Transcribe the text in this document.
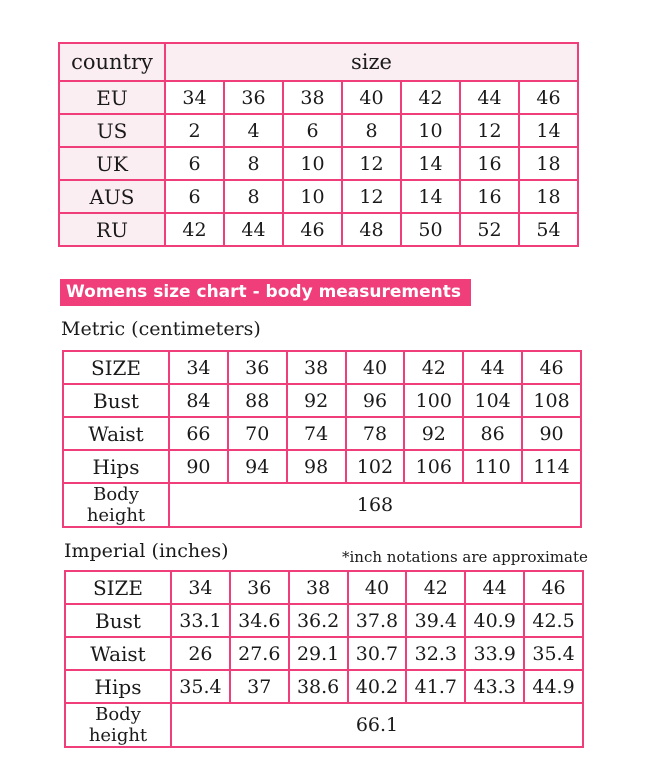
country	size						
EU	34	36	38	40	42	44	46
US	2	4	6	8	10	12	14
UK	6	8	10	12	14	16	18
AUS	6	8	10	12	14	16	18
RU	42	44	46	48	50	52	54
Womens size chart - body measurements
Metric (centimeters)
SIZE	34	36	38	40	42	44	46
Bust	84	88	92	96	100	104	108
Waist	66	70	74	78	92	86	90
Hips	90	94	98	102	106	110	114
Body height	168						
Imperial (inches)	*inch notations are approximate
SIZE	34	36	38	40	42	44	46
Bust	33.1	34.6	36.2	37.8	39.4	40.9	42.5
Waist	26	27.6	29.1	30.7	32.3	33.9	35.4
Hips	35.4	37	38.6	40.2	41.7	43.3	44.9
Body height	66.1						
